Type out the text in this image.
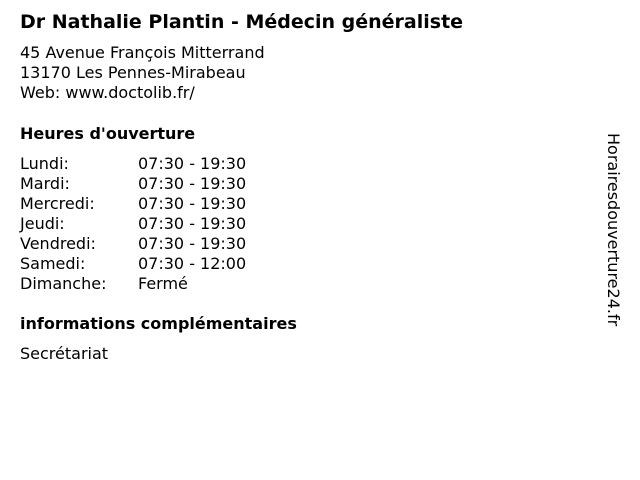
Dr Nathalie Plantin - Médecin généraliste
45 Avenue François Mitterrand
13170 Les Pennes-Mirabeau
Web: www.doctolib.fr/
Heures d'ouverture
Lundi:	07:30 - 19:30
Mardi:	07:30 - 19:30
Mercredi:	07:30 - 19:30
Jeudi:	07:30 - 19:30
Vendredi:	07:30 - 19:30
Samedi:	07:30 - 12:00
Dimanche:	Fermé
informations complémentaires
Secrétariat
Horairesdouverture24.fr
